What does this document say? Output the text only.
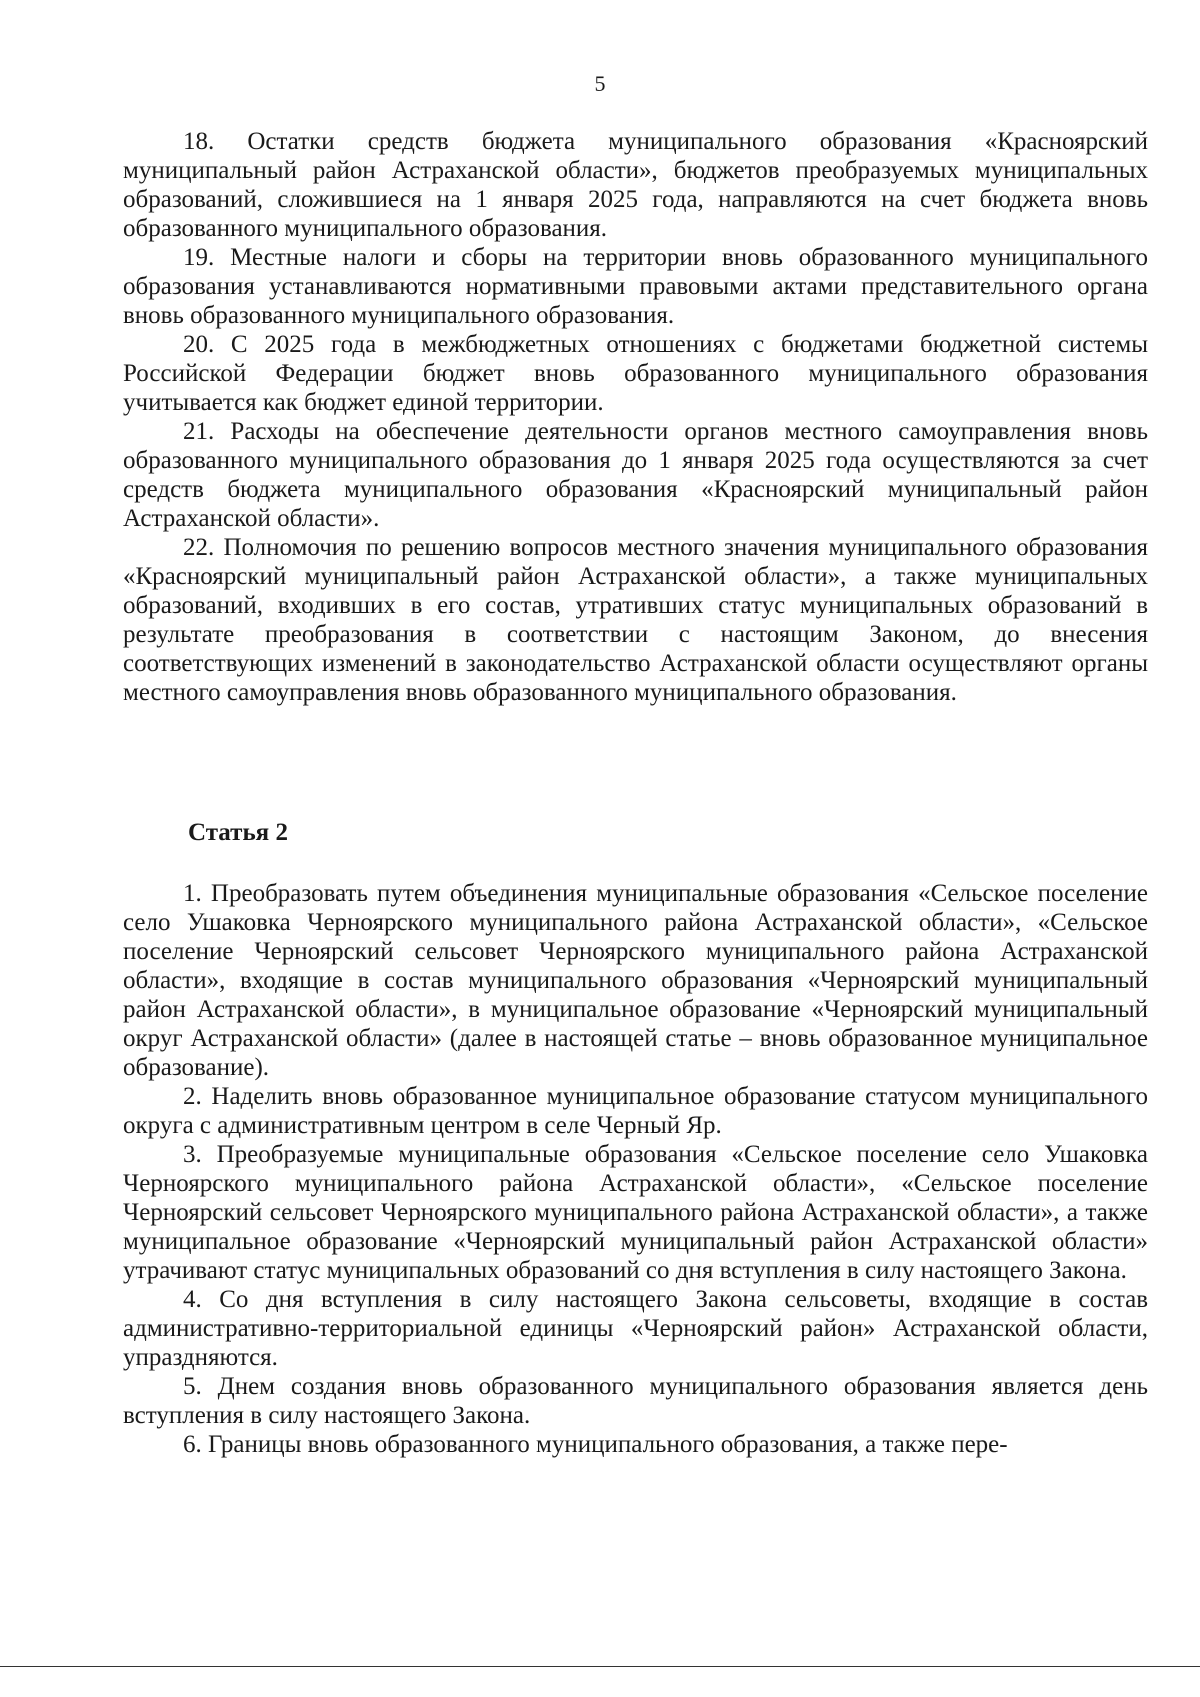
5

18. Остатки средств бюджета муниципального образования «Красноярский муниципальный район Астраханской области», бюджетов преобразуемых муниципальных образований, сложившиеся на 1 января 2025 года, направляются на счет бюджета вновь образованного муниципального образования.

19. Местные налоги и сборы на территории вновь образованного муниципального образования устанавливаются нормативными правовыми актами представительного органа вновь образованного муниципального образования.

20. С 2025 года в межбюджетных отношениях с бюджетами бюджетной системы Российской Федерации бюджет вновь образованного муниципального образования учитывается как бюджет единой территории.

21. Расходы на обеспечение деятельности органов местного самоуправления вновь образованного муниципального образования до 1 января 2025 года осуществляются за счет средств бюджета муниципального образования «Красноярский муниципальный район Астраханской области».

22. Полномочия по решению вопросов местного значения муниципального образования «Красноярский муниципальный район Астраханской области», а также муниципальных образований, входивших в его состав, утративших статус муниципальных образований в результате преобразования в соответствии с настоящим Законом, до внесения соответствующих изменений в законодательство Астраханской области осуществляют органы местного самоуправления вновь образованного муниципального образования.

Статья 2

1. Преобразовать путем объединения муниципальные образования «Сельское поселение село Ушаковка Черноярского муниципального района Астраханской области», «Сельское поселение Черноярский сельсовет Черноярского муниципального района Астраханской области», входящие в состав муниципального образования «Черноярский муниципальный район Астраханской области», в муниципальное образование «Черноярский муниципальный округ Астраханской области» (далее в настоящей статье – вновь образованное муниципальное образование).

2. Наделить вновь образованное муниципальное образование статусом муниципального округа с административным центром в селе Черный Яр.

3. Преобразуемые муниципальные образования «Сельское поселение село Ушаковка Черноярского муниципального района Астраханской области», «Сельское поселение Черноярский сельсовет Черноярского муниципального района Астраханской области», а также муниципальное образование «Черноярский муниципальный район Астраханской области» утрачивают статус муниципальных образований со дня вступления в силу настоящего Закона.

4. Со дня вступления в силу настоящего Закона сельсоветы, входящие в состав административно-территориальной единицы «Черноярский район» Астраханской области, упраздняются.

5. Днем создания вновь образованного муниципального образования является день вступления в силу настоящего Закона.

6. Границы вновь образованного муниципального образования, а также пере-
